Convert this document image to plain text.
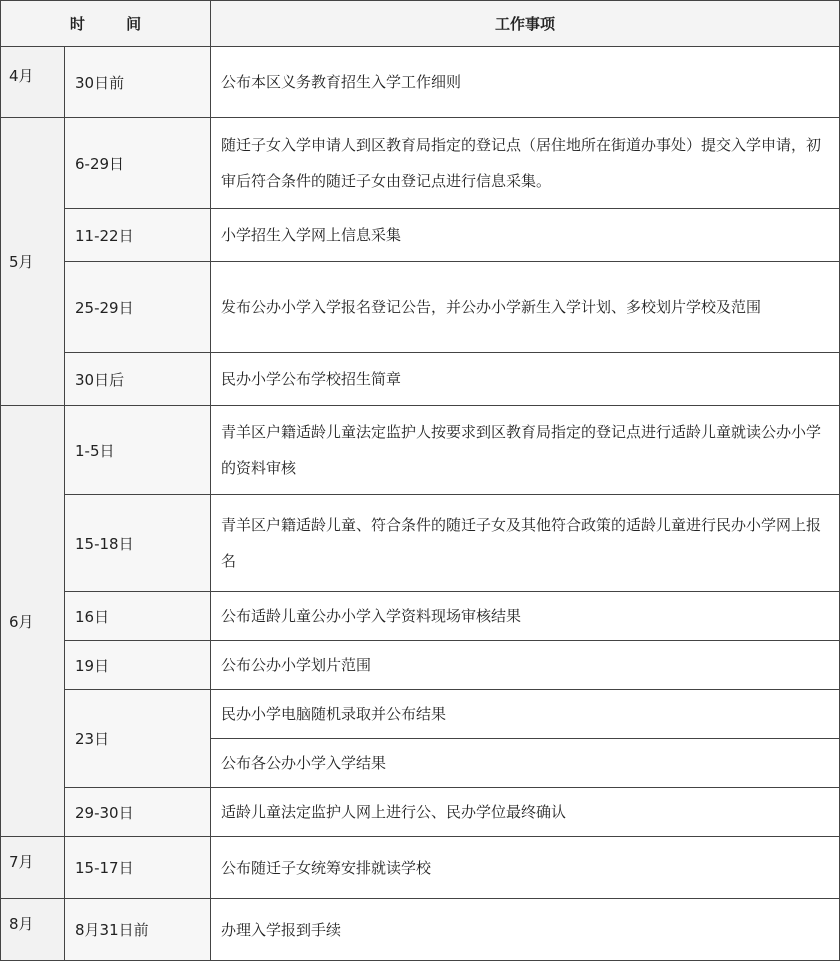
时 间		工作事项
4月	30日前	公布本区义务教育招生入学工作细则
5月	6-29日	随迁子女入学申请人到区教育局指定的登记点（居住地所在街道办事处）提交入学申请，初审后符合条件的随迁子女由登记点进行信息采集。
	11-22日	小学招生入学网上信息采集
	25-29日	发布公办小学入学报名登记公告，并公办小学新生入学计划、多校划片学校及范围
	30日后	民办小学公布学校招生简章
6月	1-5日	青羊区户籍适龄儿童法定监护人按要求到区教育局指定的登记点进行适龄儿童就读公办小学的资料审核
	15-18日	青羊区户籍适龄儿童、符合条件的随迁子女及其他符合政策的适龄儿童进行民办小学网上报名
	16日	公布适龄儿童公办小学入学资料现场审核结果
	19日	公布公办小学划片范围
	23日	民办小学电脑随机录取并公布结果
		公布各公办小学入学结果
	29-30日	适龄儿童法定监护人网上进行公、民办学位最终确认
7月	15-17日	公布随迁子女统筹安排就读学校
8月	8月31日前	办理入学报到手续
